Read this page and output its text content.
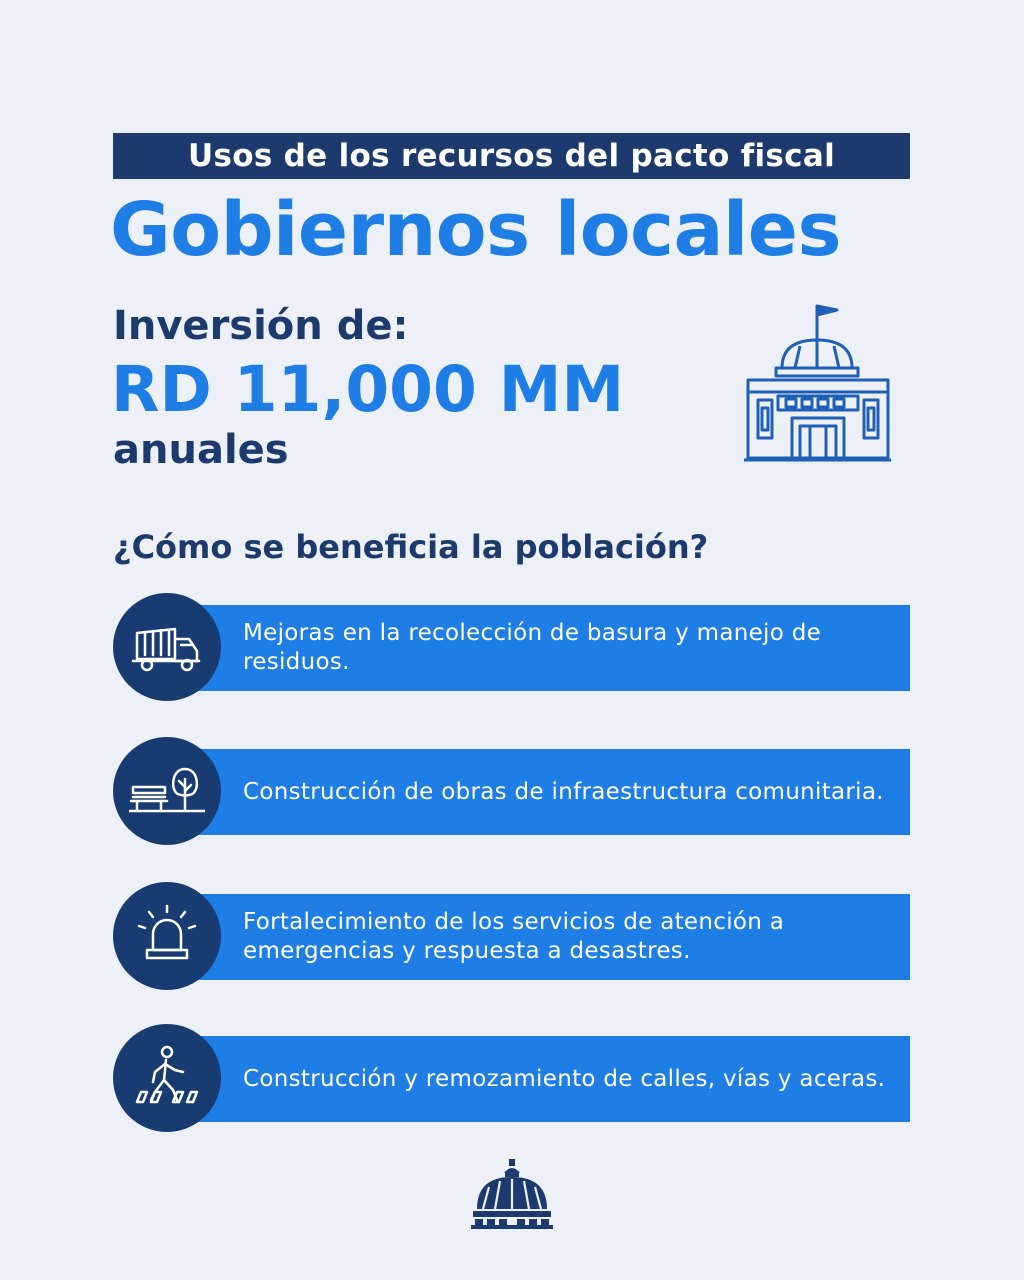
Usos de los recursos del pacto fiscal
Gobiernos locales
Inversión de:
RD 11,000 MM
anuales
¿Cómo se beneficia la población?
Mejoras en la recolección de basura y manejo de residuos.
Construcción de obras de infraestructura comunitaria.
Fortalecimiento de los servicios de atención a emergencias y respuesta a desastres.
Construcción y remozamiento de calles, vías y aceras.
